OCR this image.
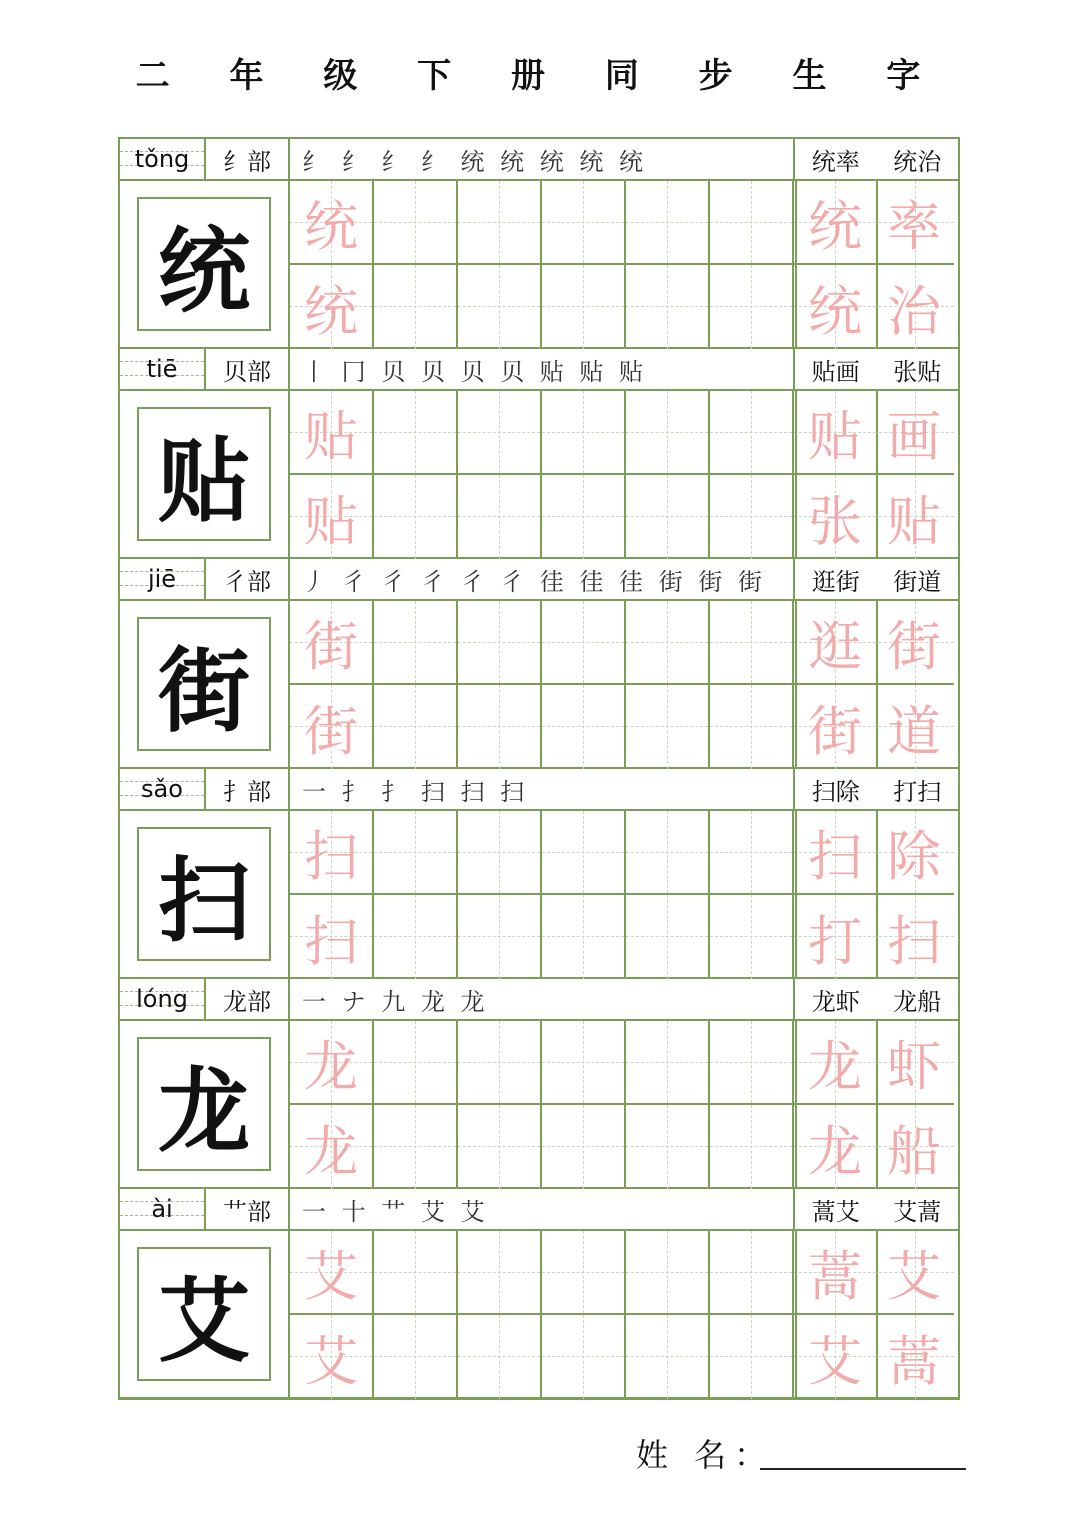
二 年 级 下 册 同 步 生 字
tǒng	纟部	纟 纟 纟 纟 统 统 统 统 统	统率 统治
统	统	统 率
统	统 治
tiē	贝部	丨 冂 贝 贝 贝 贝 贴 贴 贴	贴画 张贴
贴	贴	贴 画
贴	张 贴
jiē	彳部	丿 彳 彳 彳 彳 彳 徍 徍 徍 街 街 街	逛街 街道
街	街	逛 街
街	街 道
sǎo	扌部	一 扌 扌 扫 扫 扫	扫除 打扫
扫	扫	扫 除
扫	打 扫
lóng	龙部	一 ナ 九 龙 龙	龙虾 龙船
龙	龙	龙 虾
龙	龙 船
ài	艹部	一 十 艹 艾 艾	蒿艾 艾蒿
艾	艾	蒿 艾
艾	艾 蒿
姓 名：
